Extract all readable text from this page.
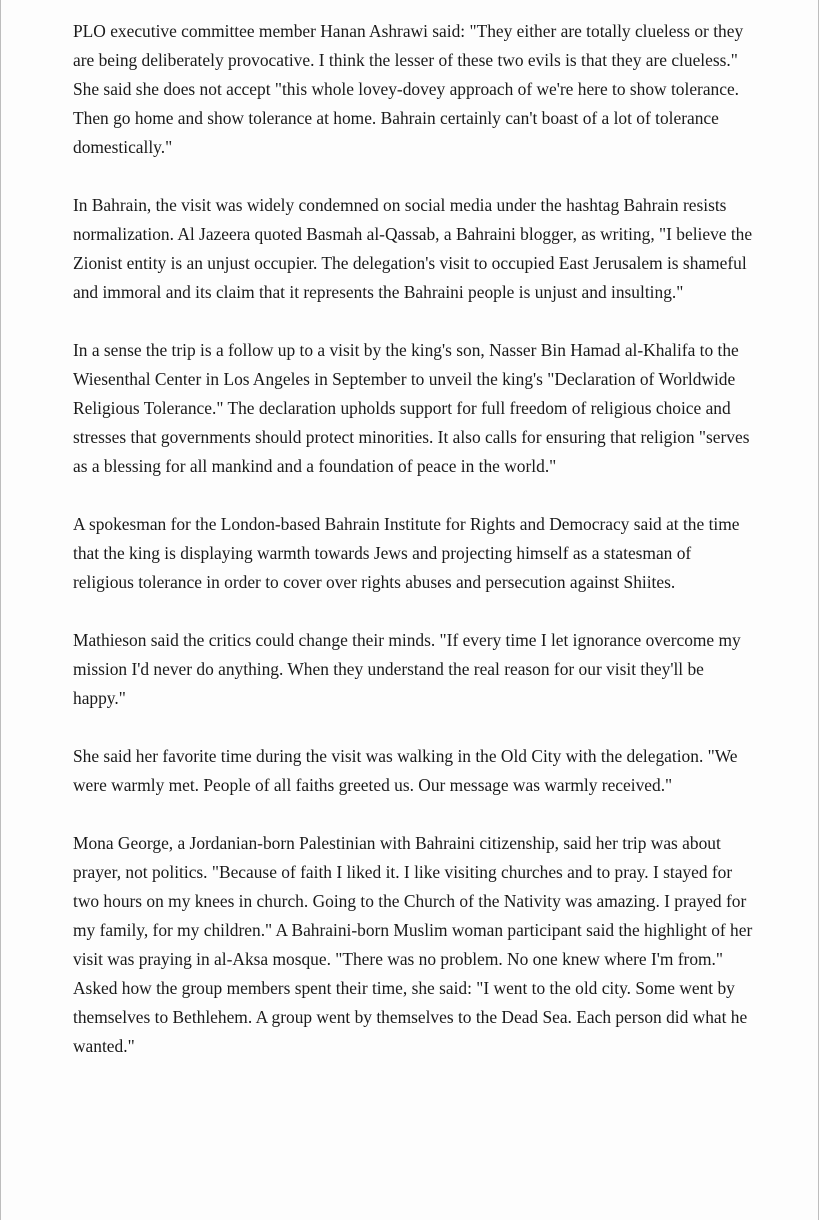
PLO executive committee member Hanan Ashrawi said: "They either are totally clueless or they are being deliberately provocative. I think the lesser of these two evils is that they are clueless." She said she does not accept "this whole lovey-dovey approach of we're here to show tolerance. Then go home and show tolerance at home. Bahrain certainly can't boast of a lot of tolerance domestically."

In Bahrain, the visit was widely condemned on social media under the hashtag Bahrain resists normalization. Al Jazeera quoted Basmah al-Qassab, a Bahraini blogger, as writing, "I believe the Zionist entity is an unjust occupier. The delegation's visit to occupied East Jerusalem is shameful and immoral and its claim that it represents the Bahraini people is unjust and insulting."

In a sense the trip is a follow up to a visit by the king's son, Nasser Bin Hamad al-Khalifa to the Wiesenthal Center in Los Angeles in September to unveil the king's "Declaration of Worldwide Religious Tolerance." The declaration upholds support for full freedom of religious choice and stresses that governments should protect minorities. It also calls for ensuring that religion "serves as a blessing for all mankind and a foundation of peace in the world."

A spokesman for the London-based Bahrain Institute for Rights and Democracy said at the time that the king is displaying warmth towards Jews and projecting himself as a statesman of religious tolerance in order to cover over rights abuses and persecution against Shiites.

Mathieson said the critics could change their minds. "If every time I let ignorance overcome my mission I'd never do anything. When they understand the real reason for our visit they'll be happy."

She said her favorite time during the visit was walking in the Old City with the delegation. "We were warmly met. People of all faiths greeted us. Our message was warmly received."

Mona George, a Jordanian-born Palestinian with Bahraini citizenship, said her trip was about prayer, not politics. "Because of faith I liked it. I like visiting churches and to pray. I stayed for two hours on my knees in church. Going to the Church of the Nativity was amazing. I prayed for my family, for my children." A Bahraini-born Muslim woman participant said the highlight of her visit was praying in al-Aksa mosque. "There was no problem. No one knew where I'm from." Asked how the group members spent their time, she said: "I went to the old city. Some went by themselves to Bethlehem. A group went by themselves to the Dead Sea. Each person did what he wanted."
